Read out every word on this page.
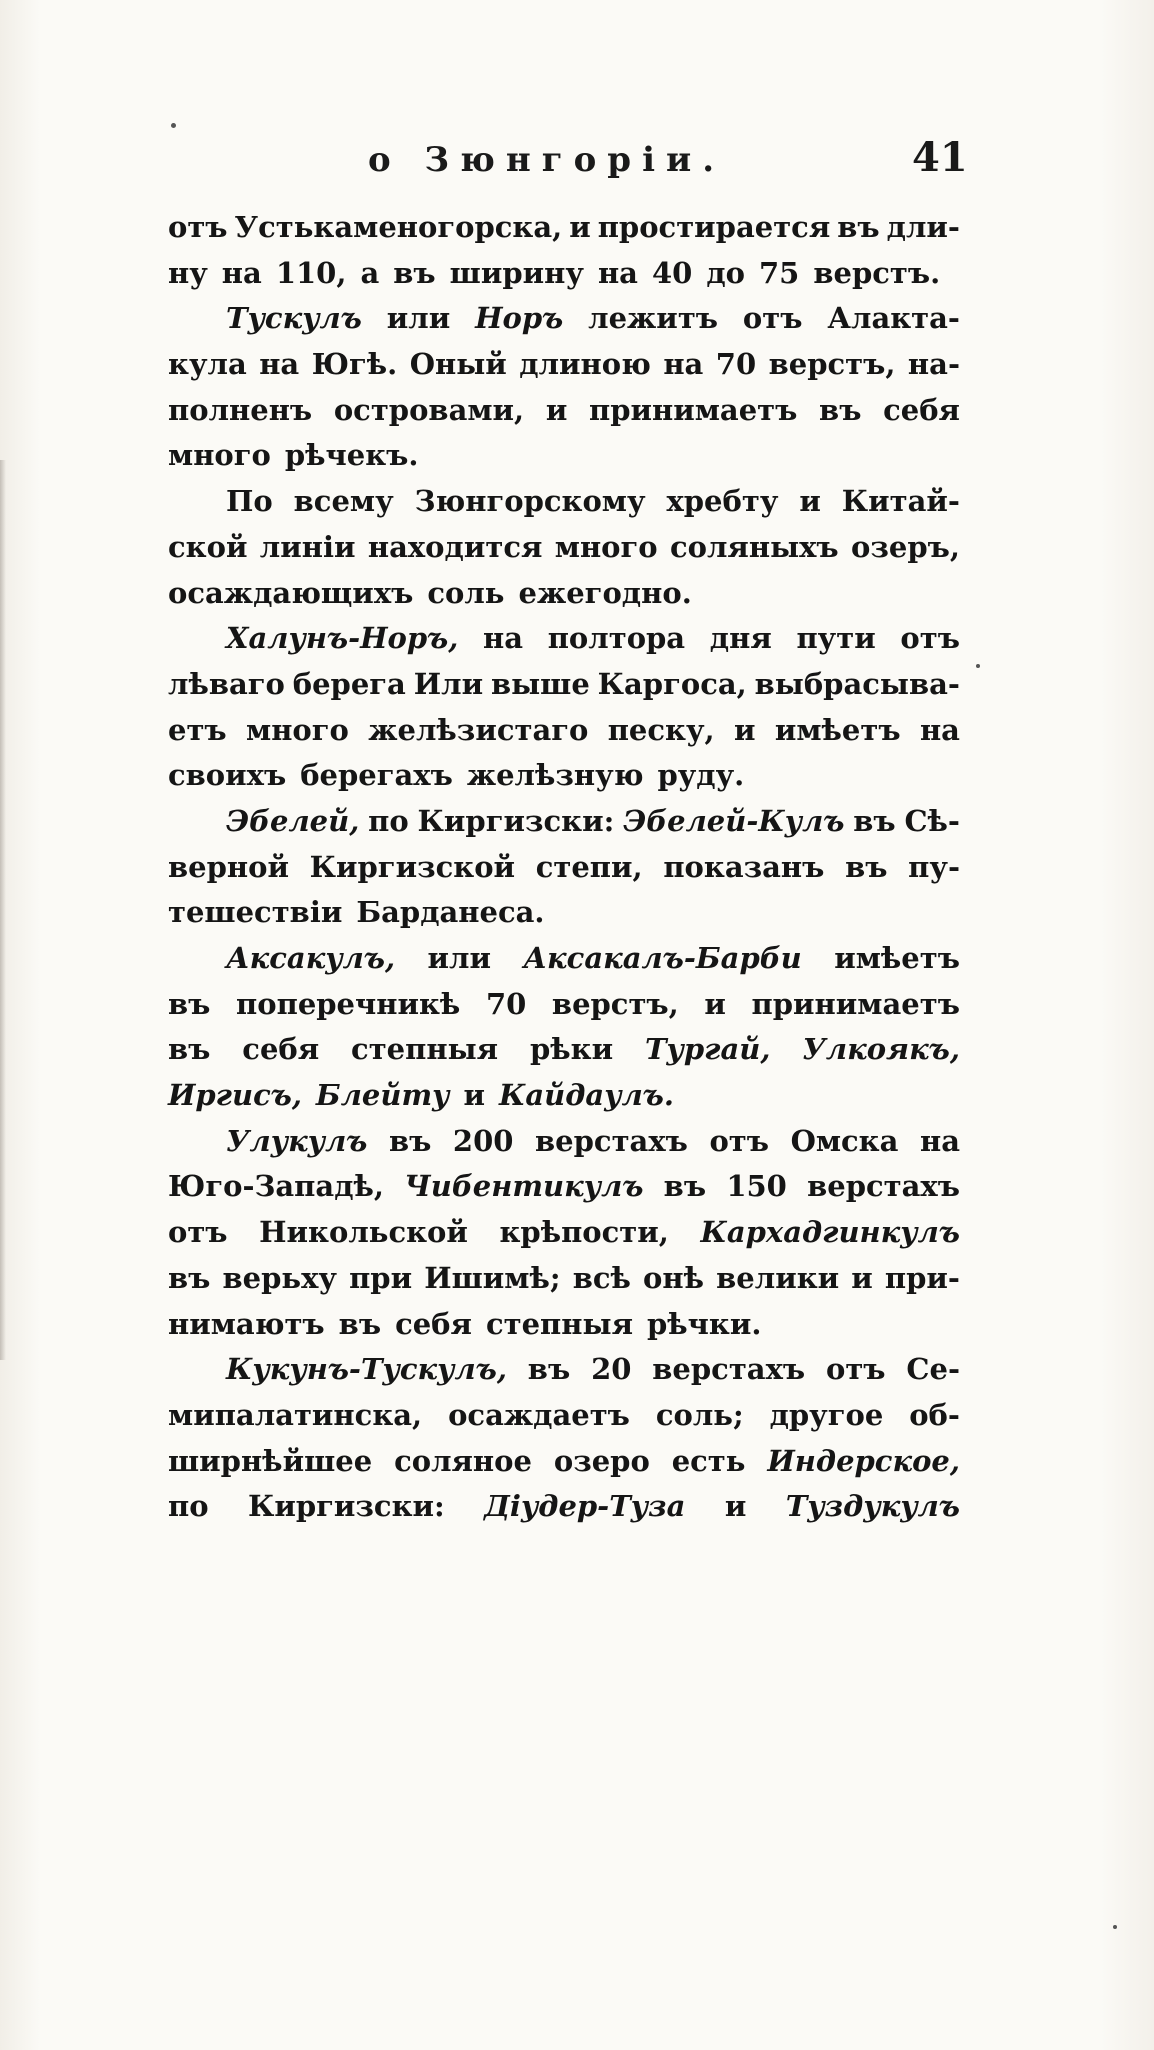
о Зюнгоріи.	41
отъ Устькаменогорска, и простирается въ дли-
ну на 110, а въ ширину на 40 до 75 верстъ.
Тускулъ или Норъ лежитъ отъ Алакта-
кула на Югѣ. Оный длиною на 70 верстъ, на-
полненъ островами, и принимаетъ въ себя
много рѣчекъ.
По всему Зюнгорскому хребту и Китай-
ской линіи находится много соляныхъ озеръ,
осаждающихъ соль ежегодно.
Халунъ-Норъ, на полтора дня пути отъ
лѣваго берега Или выше Каргоса, выбрасыва-
етъ много желѣзистаго песку, и имѣетъ на
своихъ берегахъ желѣзную руду.
Эбелей, по Киргизски: Эбелей-Кулъ въ Сѣ-
верной Киргизской степи, показанъ въ пу-
тешествіи Барданеса.
Аксакулъ, или Аксакалъ-Барби имѣетъ
въ поперечникѣ 70 верстъ, и принимаетъ
въ себя степныя рѣки Тургай, Улкоякъ,
Иргисъ, Блейту и Кайдаулъ.
Улукулъ въ 200 верстахъ отъ Омска на
Юго-Западѣ, Чибентикулъ въ 150 верстахъ
отъ Никольской крѣпости, Кархадгинкулъ
въ верьху при Ишимѣ; всѣ онѣ велики и при-
нимаютъ въ себя степныя рѣчки.
Кукунъ-Тускулъ, въ 20 верстахъ отъ Се-
мипалатинска, осаждаетъ соль; другое об-
ширнѣйшее соляное озеро есть Индерское,
по Киргизски: Діудер-Туза и Туздукулъ
